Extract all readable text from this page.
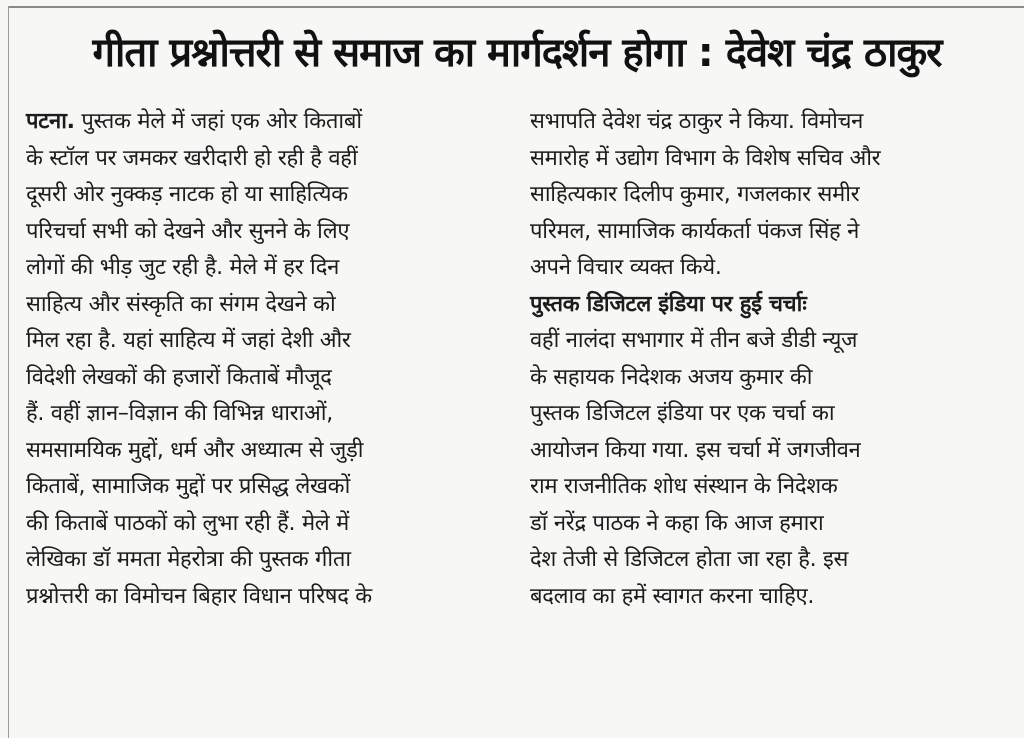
गीता प्रश्नोत्तरी से समाज का मार्गदर्शन होगा : देवेश चंद्र ठाकुर
पटना. पुस्तक मेले में जहां एक ओर किताबों
के स्टॉल पर जमकर खरीदारी हो रही है वहीं
दूसरी ओर नुक्कड़ नाटक हो या साहित्यिक
परिचर्चा सभी को देखने और सुनने के लिए
लोगों की भीड़ जुट रही है. मेले में हर दिन
साहित्य और संस्कृति का संगम देखने को
मिल रहा है. यहां साहित्य में जहां देशी और
विदेशी लेखकों की हजारों किताबें मौजूद
हैं. वहीं ज्ञान–विज्ञान की विभिन्न धाराओं,
समसामयिक मुद्दों, धर्म और अध्यात्म से जुड़ी
किताबें, सामाजिक मुद्दों पर प्रसिद्ध लेखकों
की किताबें पाठकों को लुभा रही हैं. मेले में
लेखिका डॉ ममता मेहरोत्रा की पुस्तक गीता
प्रश्नोत्तरी का विमोचन बिहार विधान परिषद के
सभापति देवेश चंद्र ठाकुर ने किया. विमोचन
समारोह में उद्योग विभाग के विशेष सचिव और
साहित्यकार दिलीप कुमार, गजलकार समीर
परिमल, सामाजिक कार्यकर्ता पंकज सिंह ने
अपने विचार व्यक्त किये.
पुस्तक डिजिटल इंडिया पर हुई चर्चाः
वहीं नालंदा सभागार में तीन बजे डीडी न्यूज
के सहायक निदेशक अजय कुमार की
पुस्तक डिजिटल इंडिया पर एक चर्चा का
आयोजन किया गया. इस चर्चा में जगजीवन
राम राजनीतिक शोध संस्थान के निदेशक
डॉ नरेंद्र पाठक ने कहा कि आज हमारा
देश तेजी से डिजिटल होता जा रहा है. इस
बदलाव का हमें स्वागत करना चाहिए.
